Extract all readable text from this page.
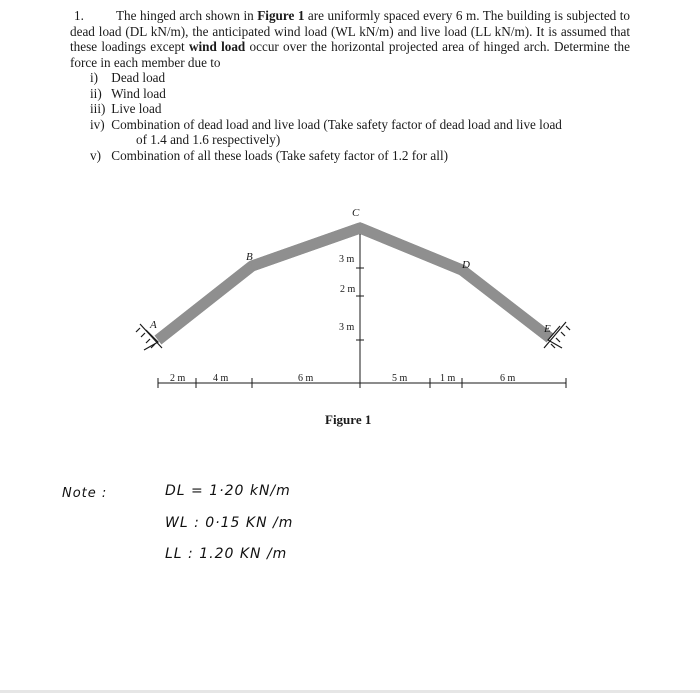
1.	The hinged arch shown in Figure 1 are uniformly spaced every 6 m. The building is subjected to dead load (DL kN/m), the anticipated wind load (WL kN/m) and live load (LL kN/m). It is assumed that these loadings except wind load occur over the horizontal projected area of hinged arch. Determine the force in each member due to

i) Dead load
ii) Wind load
iii) Live load
iv) Combination of dead load and live load (Take safety factor of dead load and live load
of 1.4 and 1.6 respectively)
v) Combination of all these loads (Take safety factor of 1.2 for all)
A
B
C
D
E
3 m
2 m
3 m
2 m	4 m	6 m	5 m	1 m	6 m
Figure 1
Note :	DL = 1·20 kN/m
WL : 0·15 KN /m
LL : 1.20 KN /m
